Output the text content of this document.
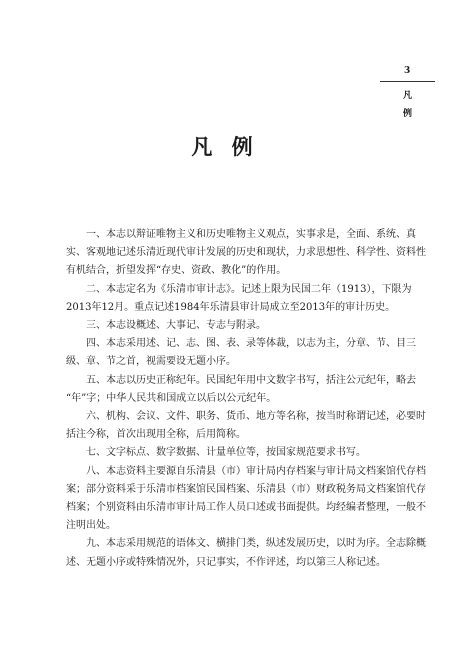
3
凡
例
凡 例
一、本志以辩证唯物主义和历史唯物主义观点，实事求是，全面、系统、真
实、客观地记述乐清近现代审计发展的历史和现状，力求思想性、科学性、资料性
有机结合，折望发挥“存史、资政、教化”的作用。
二、本志定名为《乐清市审计志》。记述上限为民国二年（1913），下限为
2013年12月。重点记述1984年乐清县审计局成立至2013年的审计历史。
三、本志设概述、大事记、专志与附录。
四、本志采用述、记、志、图、表、录等体裁，以志为主，分章、节、目三
级、章、节之首，视需要设无题小序。
五、本志以历史正称纪年。民国纪年用中文数字书写，括注公元纪年，略去
“年”字；中华人民共和国成立以后以公元纪年。
六、机构、会议、文件、职务、货币、地方等名称，按当时称谓记述，必要时
括注今称，首次出现用全称，后用简称。
七、文字标点、数字数据、计量单位等，按国家规范要求书写。
八、本志资料主要源自乐清县（市）审计局内存档案与审计局文档案馆代存档
案；部分资料采于乐清市档案馆民国档案、乐清县（市）财政税务局文档案馆代存
档案；个别资料由乐清市审计局工作人员口述或书面提供。均经编者整理，一般不
注明出处。
九、本志采用规范的语体文、横排门类，纵述发展历史，以时为序。全志除概
述、无题小序或特殊情况外，只记事实，不作评述，均以第三人称记述。
